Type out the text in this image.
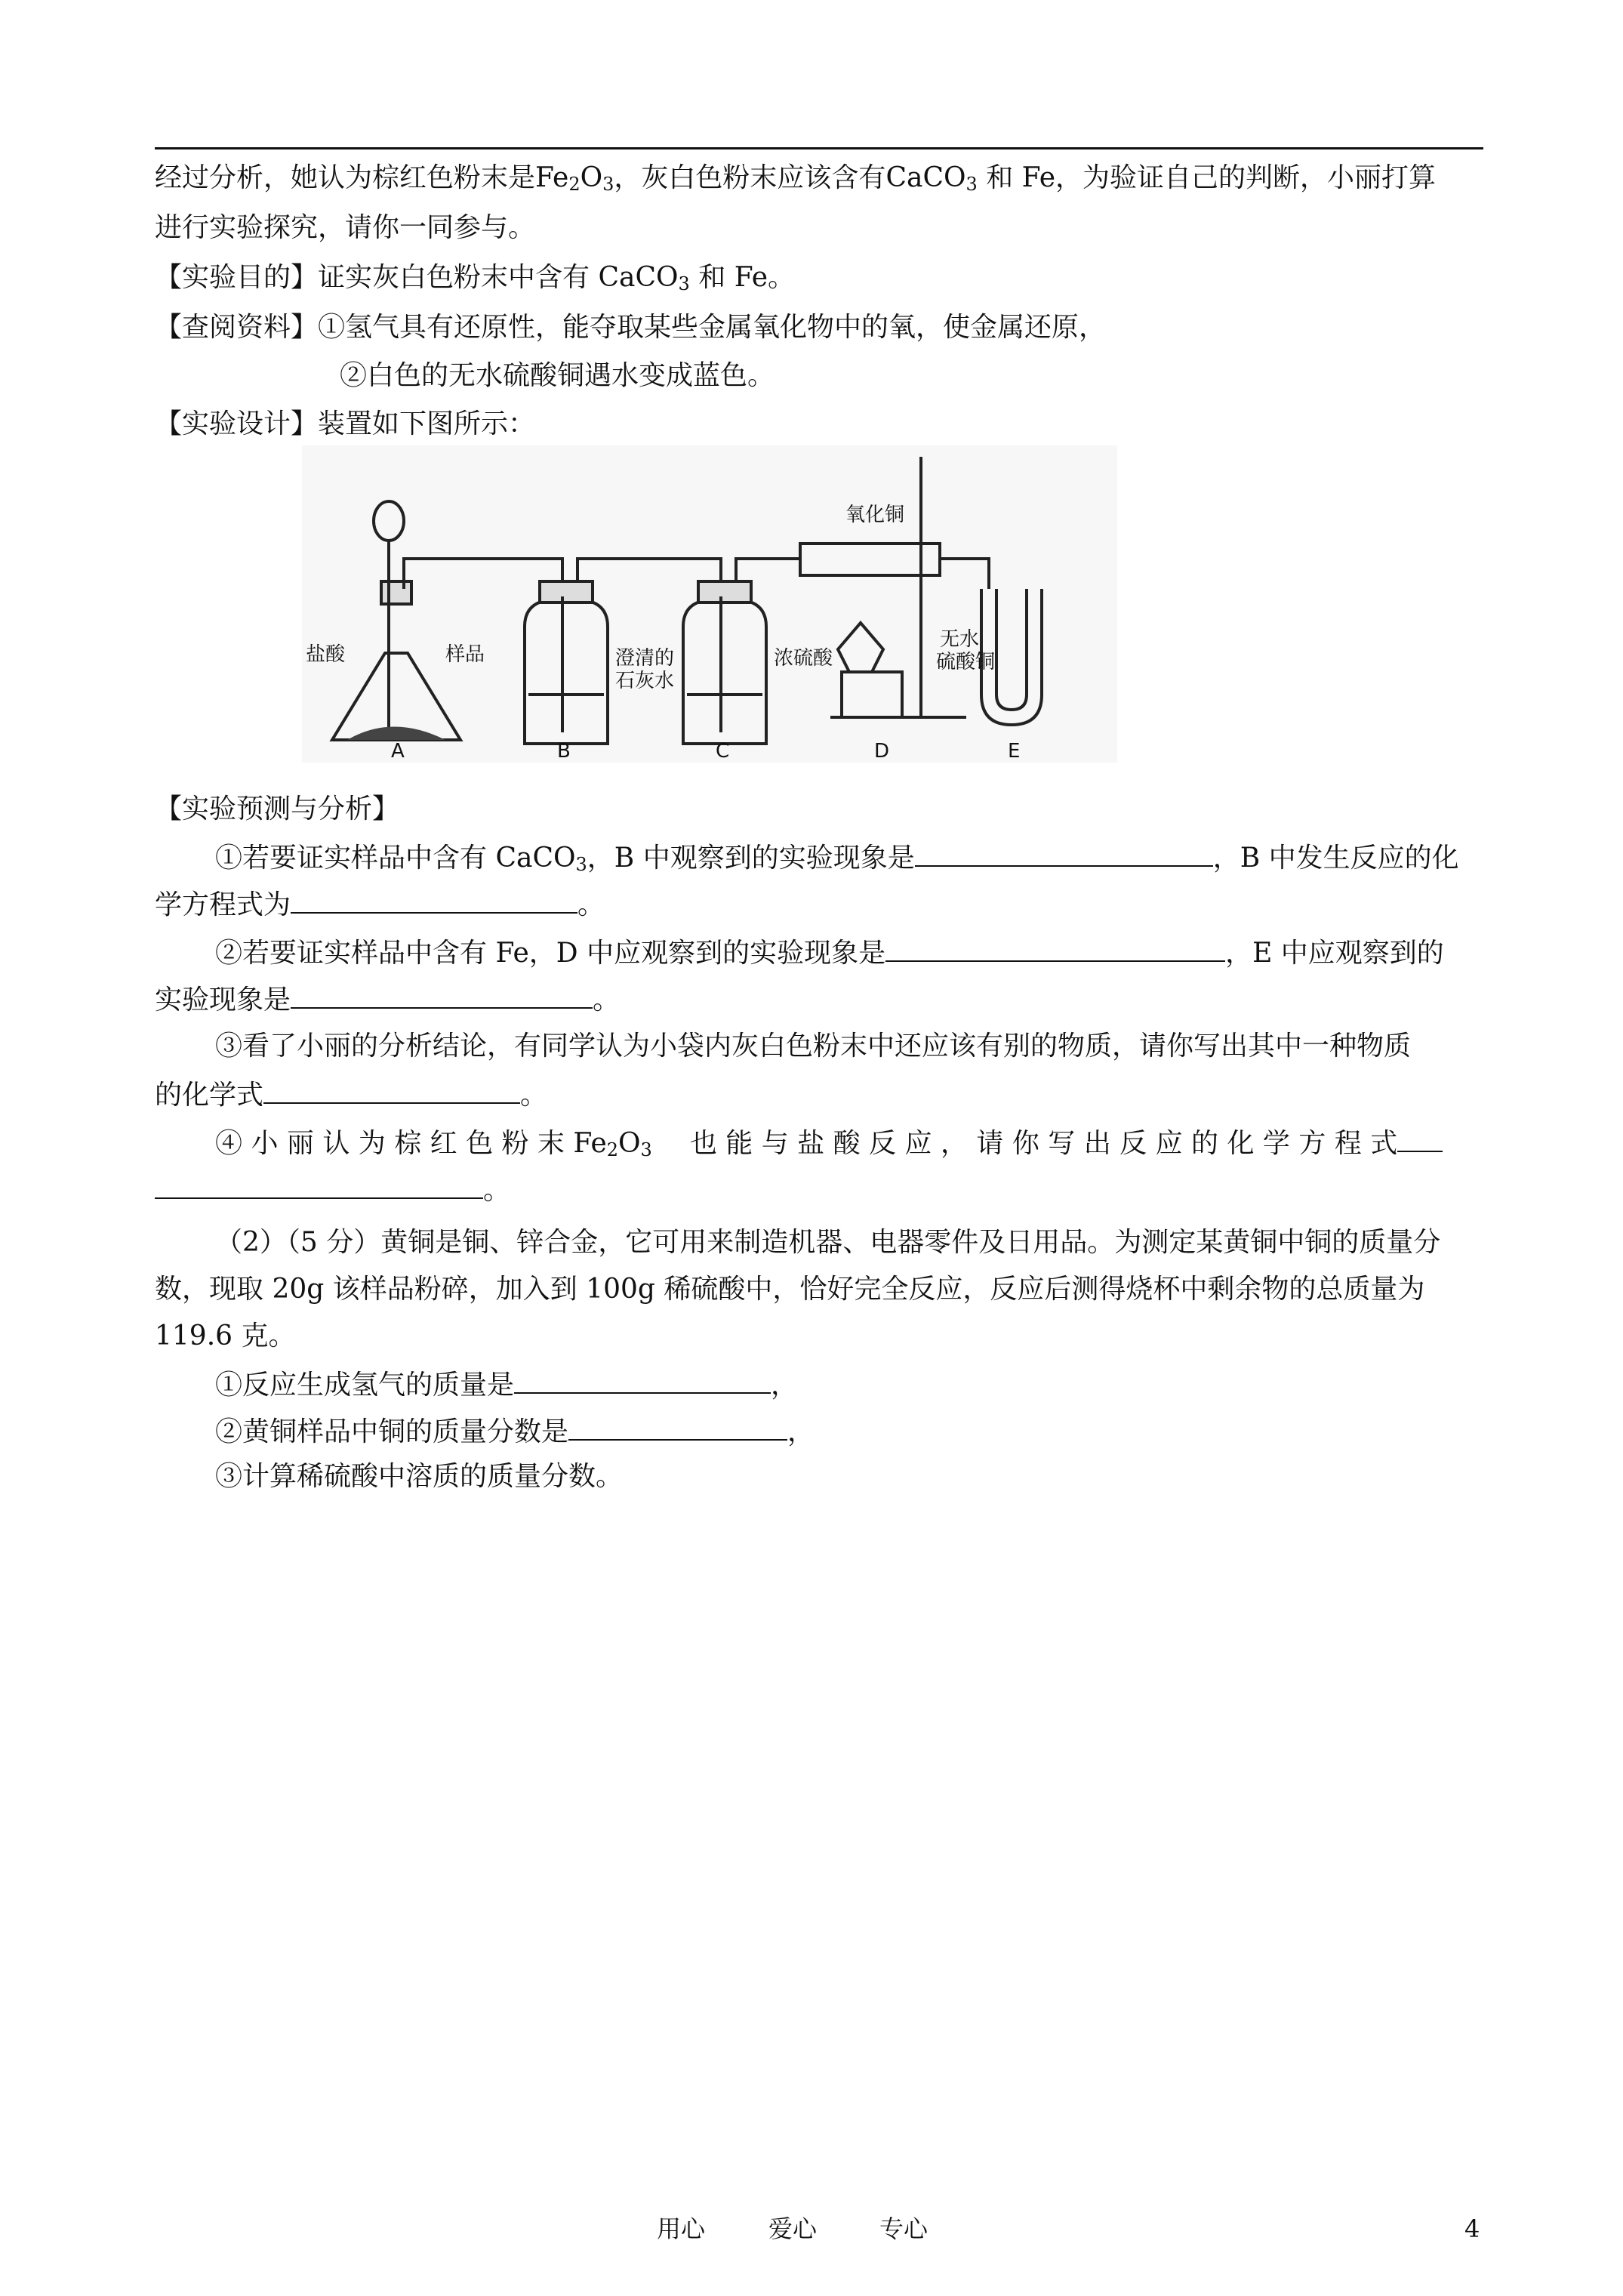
经过分析，她认为棕红色粉末是$Fe_2O_3$，灰白色粉末应该含有CaCO$_3$ 和 Fe，为验证自己的判断，小丽打算
进行实验探究，请你一同参与。
【实验目的】证实灰白色粉末中含有 CaCO$_3$ 和 Fe。
【查阅资料】①氢气具有还原性，能夺取某些金属氧化物中的氧，使金属还原，
②白色的无水硫酸铜遇水变成蓝色。
【实验设计】装置如下图所示：
盐酸	样品	澄清的
石灰水
浓硫酸
氧化铜
无水
硫酸铜
A	B	C	D	E
【实验预测与分析】
①若要证实样品中含有 CaCO$_3$，B 中观察到的实验现象是	，B 中发生反应的化
学方程式为	。
②若要证实样品中含有 Fe，D 中应观察到的实验现象是	，E 中应观察到的
实验现象是	。
③看了小丽的分析结论，有同学认为小袋内灰白色粉末中还应该有别的物质，请你写出其中一种物质
的化学式	。
④ 小 丽 认 为 棕 红 色 粉 末 $Fe_2O_3$ 也 能 与 盐 酸 反 应 ， 请 你 写 出 反 应 的 化 学 方 程 式
。
（2）（5 分）黄铜是铜、锌合金，它可用来制造机器、电器零件及日用品。为测定某黄铜中铜的质量分
数，现取 20g 该样品粉碎，加入到 100g 稀硫酸中，恰好完全反应，反应后测得烧杯中剩余物的总质量为
119.6 克。
①反应生成氢气的质量是	，
②黄铜样品中铜的质量分数是	，
③计算稀硫酸中溶质的质量分数。
用心	爱心	专心	4
